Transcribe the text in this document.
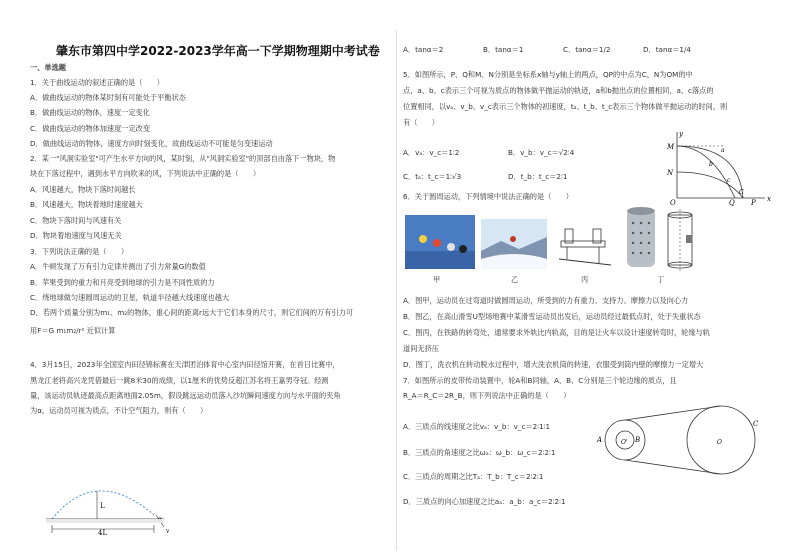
肇东市第四中学2022-2023学年高一下学期物理期中考试卷
一、单选题
1．关于曲线运动的叙述正确的是（　　）
A．做曲线运动的物体某时刻有可能处于平衡状态
B．做曲线运动的物体，速度一定变化
C．做曲线运动的物体加速度一定改变
D．做曲线运动的物体，速度方向时刻变化，故曲线运动不可能是匀变速运动
2．某一"风洞实验室"可产生水平方向的风，某时刻，从"风洞实验室"的顶部自由落下一物块，物
块在下落过程中，遇到水平方向吹来的风，下列说法中正确的是（　　）
A．风速越大，物块下落时间越长
B．风速越大，物块着地时速度越大
C．物块下落时间与风速有关
D．物块着地速度与风速无关
3．下列说法正确的是（　　）
A．牛顿发现了万有引力定律并测出了引力常量G的数值
B．苹果受到的重力和月亮受到地球的引力是不同性质的力
C．绕地球做匀速圆周运动的卫星，轨道半径越大线速度也越大
D．若两个质量分别为m₁、m₂的物体，重心间的距离r远大于它们本身的尺寸，则它们间的万有引力可
用F＝G m₁m₂/r² 近似计算
4．3月15日，2023年全国室内田径锦标赛在天津团泊体育中心室内田径馆开赛，在首日比赛中，
黑龙江老将高兴龙凭借最后一跳8米30的成绩，以1厘米的优势反超江苏名将王嘉男夺冠。经测
量，该运动员轨迹最高点距离地面2.05m，假设跳远运动员落入沙坑瞬间速度方向与水平面的夹角
为α，运动员可视为质点，不计空气阻力，则有（　　）
L
4L	v
A．tanα＝2	B．tanα＝1	C．tanα＝1/2	D．tanα＝1/4
5．如图所示，P、Q和M、N分别是坐标系x轴与y轴上的两点，QP的中点为C，N为OM的中
点，a、b、c表示三个可视为质点的物体做平抛运动的轨迹，a和b抛出点的位置相同，a、c落点的
位置相同，以vₐ、v_b、v_c表示三个物体的初速度，tₐ、t_b、t_c表示三个物体做平抛运动的时间，则
有（　　）
6．关于圆周运动，下列情境中说法正确的是（　　）
A．图甲，运动员在过弯道时做圆周运动，所受到的力有重力、支持力、摩擦力以及向心力
B．图乙，在高山滑雪U型场地赛中某滑雪运动员出发后，运动员经过最低点时，处于失重状态
C．图丙，在铁路的转弯处，通常要求外轨比内轨高，目的是让火车以设计速度转弯时，轮缘与轨
道间无挤压
D．图丁，洗衣机在转动脱水过程中，增大洗衣机筒的转速，衣服受到筒内壁的摩擦力一定增大
7．如图所示的皮带传动装置中，轮A和B同轴，A、B、C分别是三个轮边缘的质点，且
R_A＝R_C＝2R_B，则下列说法中正确的是（　　）
A．三质点的线速度之比vₐ：v_b：v_c＝2∶1∶1
B．三质点的角速度之比ωₐ：ω_b：ω_c＝2∶2∶1
C．三质点的周期之比Tₐ：T_b：T_c＝2∶2∶1
D．三质点的向心加速度之比aₐ：a_b：a_c＝2∶2∶1
A．vₐ：v_c＝1∶2	B．v_b：v_c＝√2∶4
C．tₐ：t_c＝1∶√3	D．t_b：t_c＝2∶1
y
x
M
N
O	Q P
a
b
c
C
甲	乙	丙	丁
A	B
C
O'	O
